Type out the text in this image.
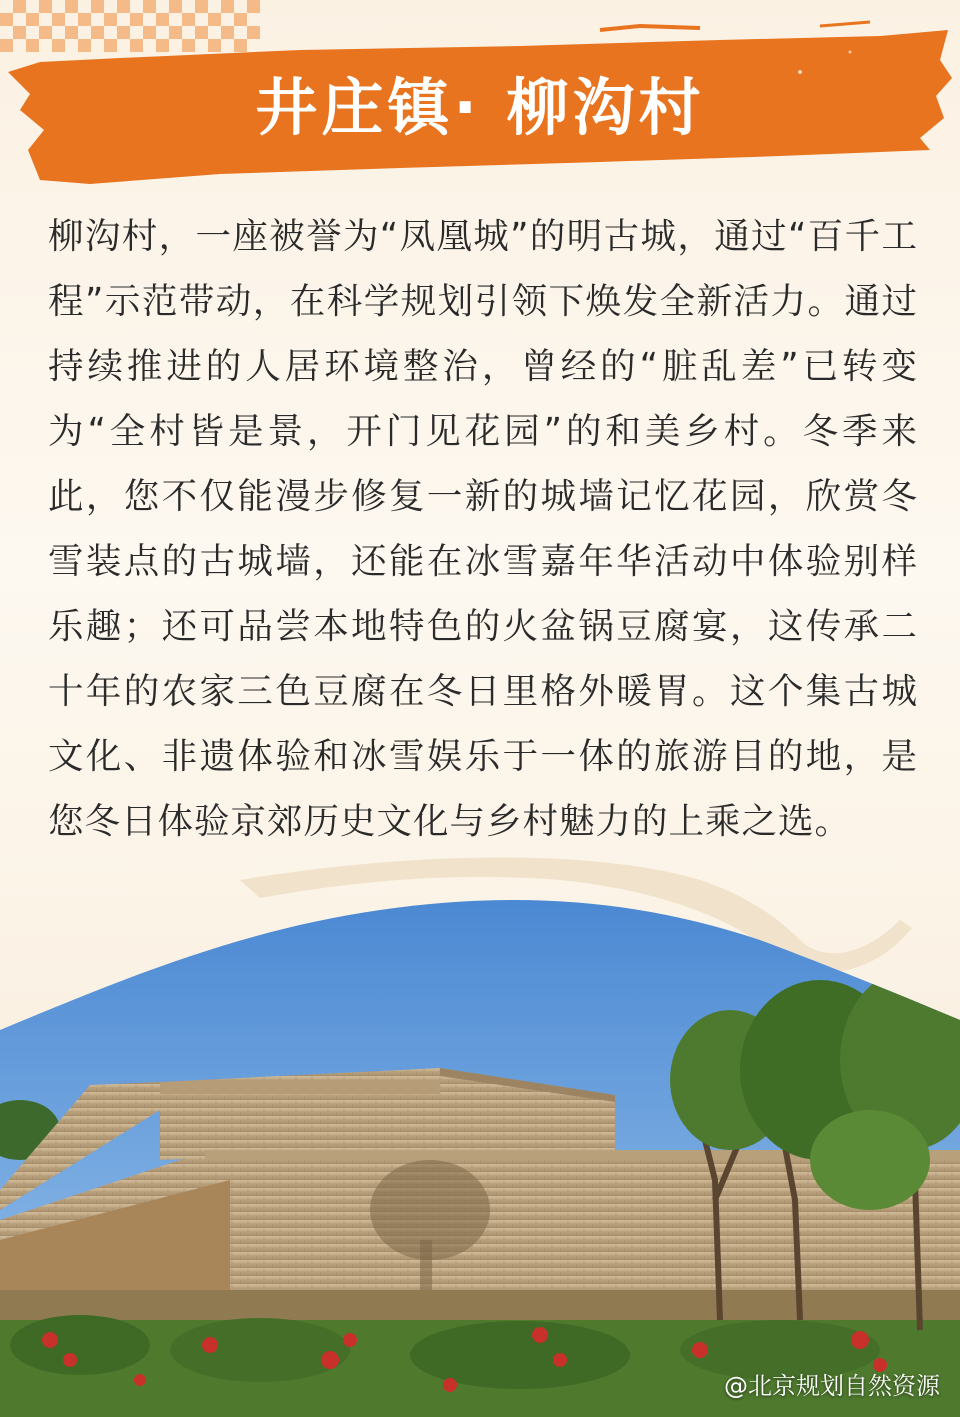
井庄镇· 柳沟村

柳沟村，一座被誉为“凤凰城”的明古城，通过“百千工程”示范带动，在科学规划引领下焕发全新活力。通过持续推进的人居环境整治，曾经的“脏乱差”已转变为“全村皆是景，开门见花园”的和美乡村。冬季来此，您不仅能漫步修复一新的城墙记忆花园，欣赏冬雪装点的古城墙，还能在冰雪嘉年华活动中体验别样乐趣；还可品尝本地特色的火盆锅豆腐宴，这传承二十年的农家三色豆腐在冬日里格外暖胃。这个集古城文化、非遗体验和冰雪娱乐于一体的旅游目的地，是您冬日体验京郊历史文化与乡村魅力的上乘之选。

@北京规划自然资源
